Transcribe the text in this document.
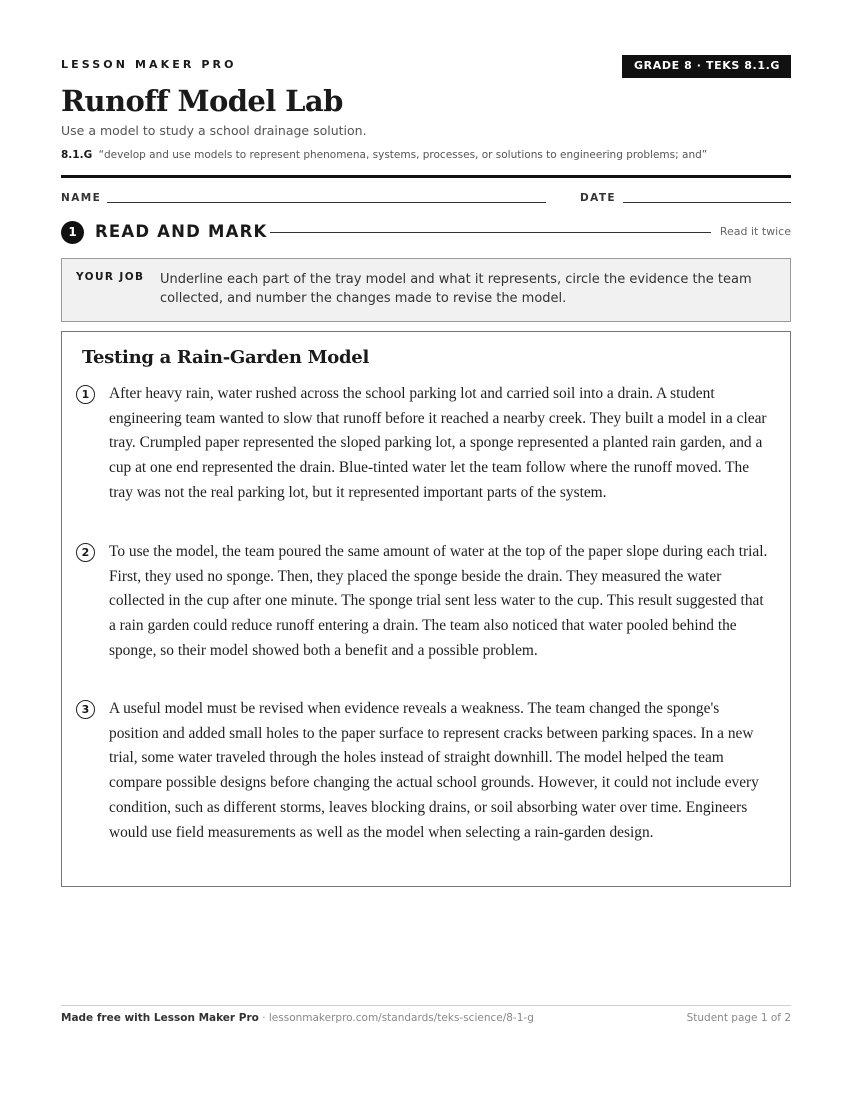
LESSON MAKER PRO	GRADE 8 · TEKS 8.1.G
Runoff Model Lab
Use a model to study a school drainage solution.
8.1.G “develop and use models to represent phenomena, systems, processes, or solutions to engineering problems; and”
NAME	DATE
1	READ AND MARK	Read it twice
YOUR JOB Underline each part of the tray model and what it represents, circle the evidence the team collected, and number the changes made to revise the model.
Testing a Rain-Garden Model
1	After heavy rain, water rushed across the school parking lot and carried soil into a drain. A student engineering team wanted to slow that runoff before it reached a nearby creek. They built a model in a clear tray. Crumpled paper represented the sloped parking lot, a sponge represented a planted rain garden, and a cup at one end represented the drain. Blue-tinted water let the team follow where the runoff moved. The tray was not the real parking lot, but it represented important parts of the system.
2	To use the model, the team poured the same amount of water at the top of the paper slope during each trial. First, they used no sponge. Then, they placed the sponge beside the drain. They measured the water collected in the cup after one minute. The sponge trial sent less water to the cup. This result suggested that a rain garden could reduce runoff entering a drain. The team also noticed that water pooled behind the sponge, so their model showed both a benefit and a possible problem.
3	A useful model must be revised when evidence reveals a weakness. The team changed the sponge's position and added small holes to the paper surface to represent cracks between parking spaces. In a new trial, some water traveled through the holes instead of straight downhill. The model helped the team compare possible designs before changing the actual school grounds. However, it could not include every condition, such as different storms, leaves blocking drains, or soil absorbing water over time. Engineers would use field measurements as well as the model when selecting a rain-garden design.
Made free with Lesson Maker Pro · lessonmakerpro.com/standards/teks-science/8-1-g	Student page 1 of 2
